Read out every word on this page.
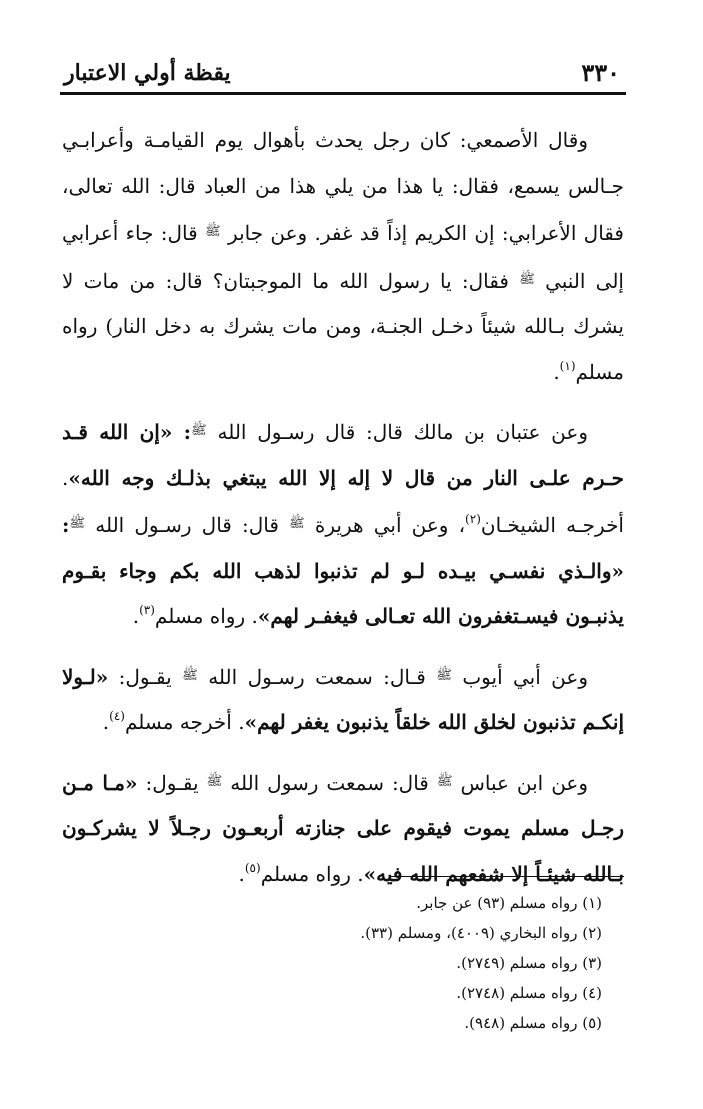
٣٣٠
يقظة أولي الاعتبار

وقال الأصمعي: كان رجل يحدث بأهوال يوم القيامـة وأعرابـي جـالس يسمع، فقال: يا هذا من يلي هذا من العباد قال: الله تعالى، فقال الأعرابي: إن الكريم إذاً قد غفر. وعن جابر $^ﷺ$ قال: جاء أعرابي إلى النبي $^ﷺ$ فقال: يا رسول الله ما الموجبتان؟ قال: من مات لا يشرك بـالله شيئاً دخـل الجنـة، ومن مات يشرك به دخل النار) رواه مسلم$^{(١)}$.

وعن عتبان بن مالك قال: قال رسـول الله $^ﷺ$: «إن الله قـد حـرم علـى النار من قال لا إله إلا الله يبتغي بذلـك وجه الله». أخرجـه الشيخـان$^{(٢)}$، وعن أبي هريرة $^ﷺ$ قال: قال رسـول الله $^ﷺ$: «والـذي نفسـي بيـده لـو لم تذنبوا لذهب الله بكم وجاء بقـوم يذنبـون فيسـتغفرون الله تعـالى فيغفـر لهم». رواه مسلم$^{(٣)}$.

وعن أبي أيوب $^ﷺ$ قـال: سمعت رسـول الله $^ﷺ$ يقـول: «لـولا إنكـم تذنبون لخلق الله خلقاً يذنبون يغفر لهم». أخرجه مسلم$^{(٤)}$.

وعن ابن عباس $^ﷺ$ قال: سمعت رسول الله $^ﷺ$ يقـول: «مـا مـن رجـل مسلم يموت فيقوم على جنازته أربعـون رجـلاً لا يشركـون بـالله شيئـاً إلا شفعهم الله فيه». رواه مسلم$^{(٥)}$.

(١) رواه مسلم (٩٣) عن جابر.

(٢) رواه البخاري (٤٠٠٩)، ومسلم (٣٣).

(٣) رواه مسلم (٢٧٤٩).

(٤) رواه مسلم (٢٧٤٨).

(٥) رواه مسلم (٩٤٨).
